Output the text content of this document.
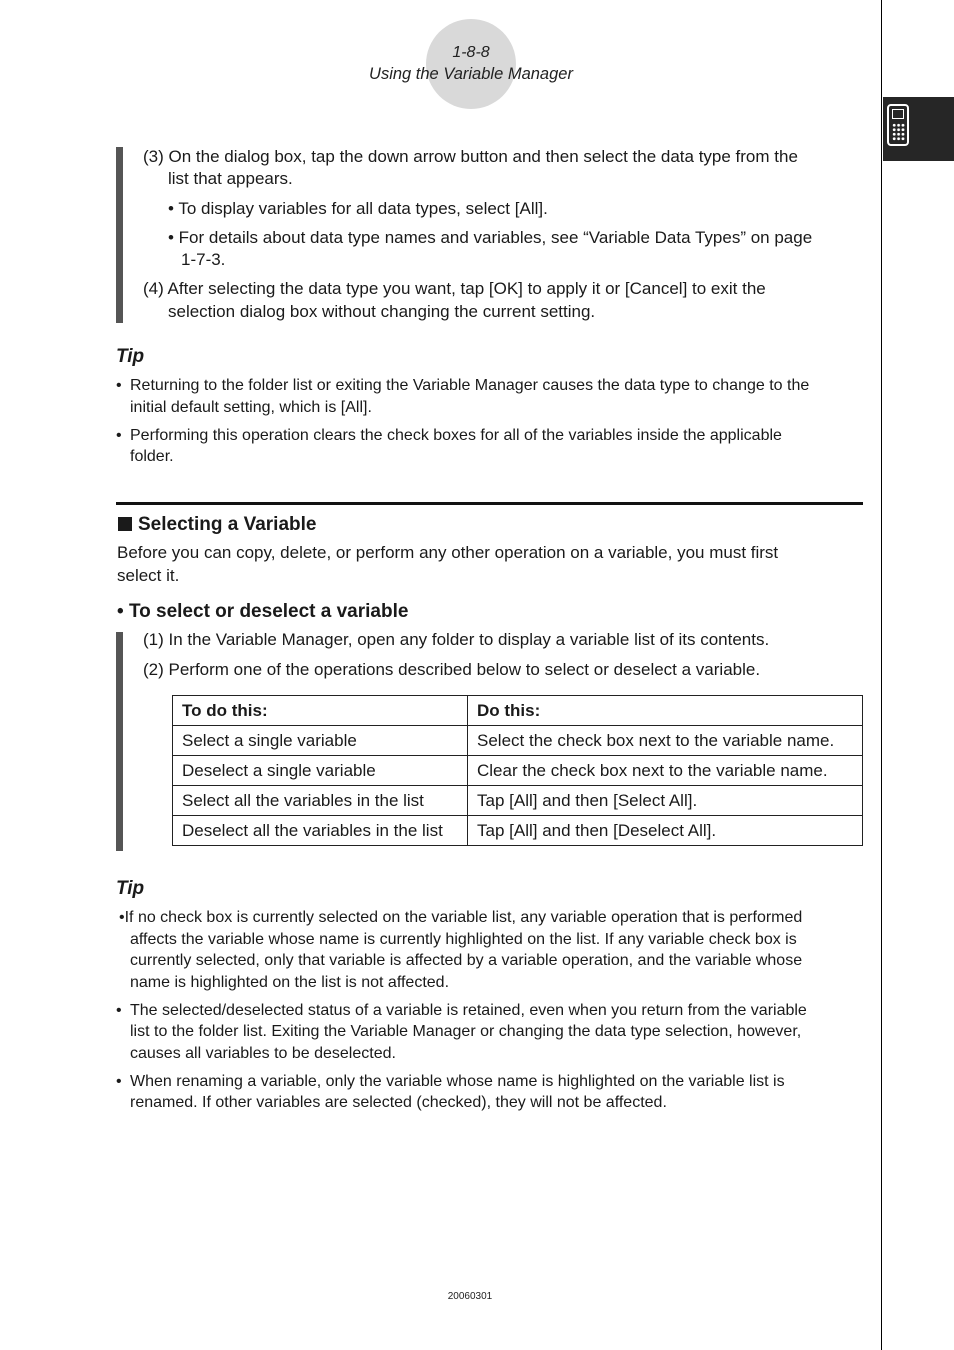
1-8-8
Using the Variable Manager

(3) On the dialog box, tap the down arrow button and then select the data type from the

list that appears.

• To display variables for all data types, select [All].

• For details about data type names and variables, see “Variable Data Types” on page

1-7-3.

(4) After selecting the data type you want, tap [OK] to apply it or [Cancel] to exit the

selection dialog box without changing the current setting.

Tip

• Returning to the folder list or exiting the Variable Manager causes the data type to change to the

initial default setting, which is [All].

• Performing this operation clears the check boxes for all of the variables inside the applicable

folder.

Selecting a Variable

Before you can copy, delete, or perform any other operation on a variable, you must first

select it.

• To select or deselect a variable

(1) In the Variable Manager, open any folder to display a variable list of its contents.

(2) Perform one of the operations described below to select or deselect a variable.

To do this:	Do this:
Select a single variable	Select the check box next to the variable name.
Deselect a single variable	Clear the check box next to the variable name.
Select all the variables in the list	Tap [All] and then [Select All].
Deselect all the variables in the list	Tap [All] and then [Deselect All].
Tip

•If no check box is currently selected on the variable list, any variable operation that is performed

affects the variable whose name is currently highlighted on the list. If any variable check box is

currently selected, only that variable is affected by a variable operation, and the variable whose

name is highlighted on the list is not affected.

• The selected/deselected status of a variable is retained, even when you return from the variable

list to the folder list. Exiting the Variable Manager or changing the data type selection, however,

causes all variables to be deselected.

• When renaming a variable, only the variable whose name is highlighted on the variable list is

renamed. If other variables are selected (checked), they will not be affected.

20060301
